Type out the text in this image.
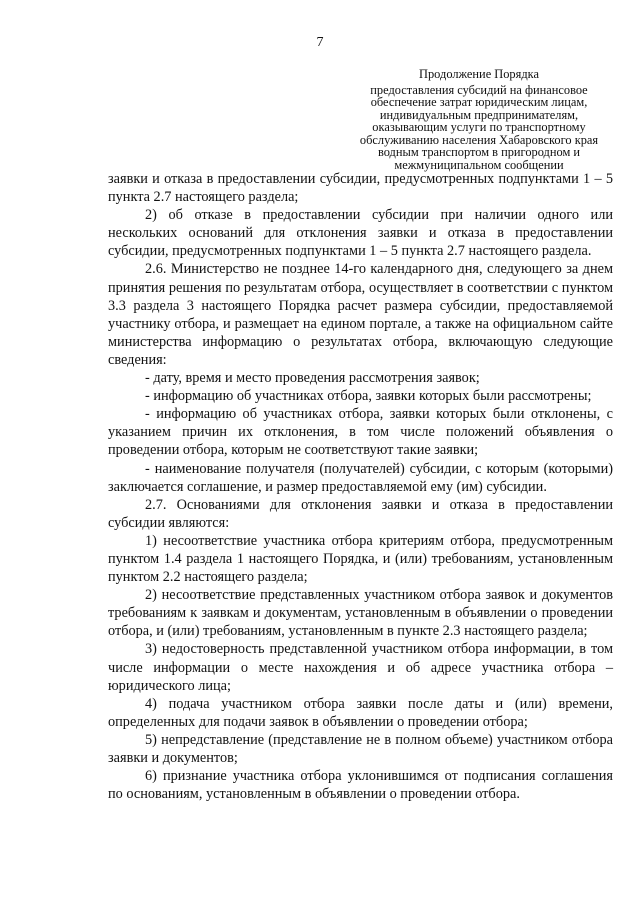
7
Продолжение Порядка
предоставления субсидий на финансовое
обеспечение затрат юридическим лицам,
индивидуальным предпринимателям,
оказывающим услуги по транспортному
обслуживанию населения Хабаровского края
водным транспортом в пригородном и
межмуниципальном сообщении

заявки и отказа в предоставлении субсидии, предусмотренных подпунктами 1 – 5 пункта 2.7 настоящего раздела;

2) об отказе в предоставлении субсидии при наличии одного или нескольких оснований для отклонения заявки и отказа в предоставлении субсидии, предусмотренных подпунктами 1 – 5 пункта 2.7 настоящего раздела.

2.6. Министерство не позднее 14-го календарного дня, следующего за днем принятия решения по результатам отбора, осуществляет в соответствии с пунктом 3.3 раздела 3 настоящего Порядка расчет размера субсидии, предоставляемой участнику отбора, и размещает на едином портале, а также на официальном сайте министерства информацию о результатах отбора, включающую следующие сведения:

- дату, время и место проведения рассмотрения заявок;

- информацию об участниках отбора, заявки которых были рассмотрены;

- информацию об участниках отбора, заявки которых были отклонены, с указанием причин их отклонения, в том числе положений объявления о проведении отбора, которым не соответствуют такие заявки;

- наименование получателя (получателей) субсидии, с которым (которыми) заключается соглашение, и размер предоставляемой ему (им) субсидии.

2.7. Основаниями для отклонения заявки и отказа в предоставлении субсидии являются:

1) несоответствие участника отбора критериям отбора, предусмотренным пунктом 1.4 раздела 1 настоящего Порядка, и (или) требованиям, установленным пунктом 2.2 настоящего раздела;

2) несоответствие представленных участником отбора заявок и документов требованиям к заявкам и документам, установленным в объявлении о проведении отбора, и (или) требованиям, установленным в пункте 2.3 настоящего раздела;

3) недостоверность представленной участником отбора информации, в том числе информации о месте нахождения и об адресе участника отбора – юридического лица;

4) подача участником отбора заявки после даты и (или) времени, определенных для подачи заявок в объявлении о проведении отбора;

5) непредставление (представление не в полном объеме) участником отбора заявки и документов;

6) признание участника отбора уклонившимся от подписания соглашения по основаниям, установленным в объявлении о проведении отбора.
